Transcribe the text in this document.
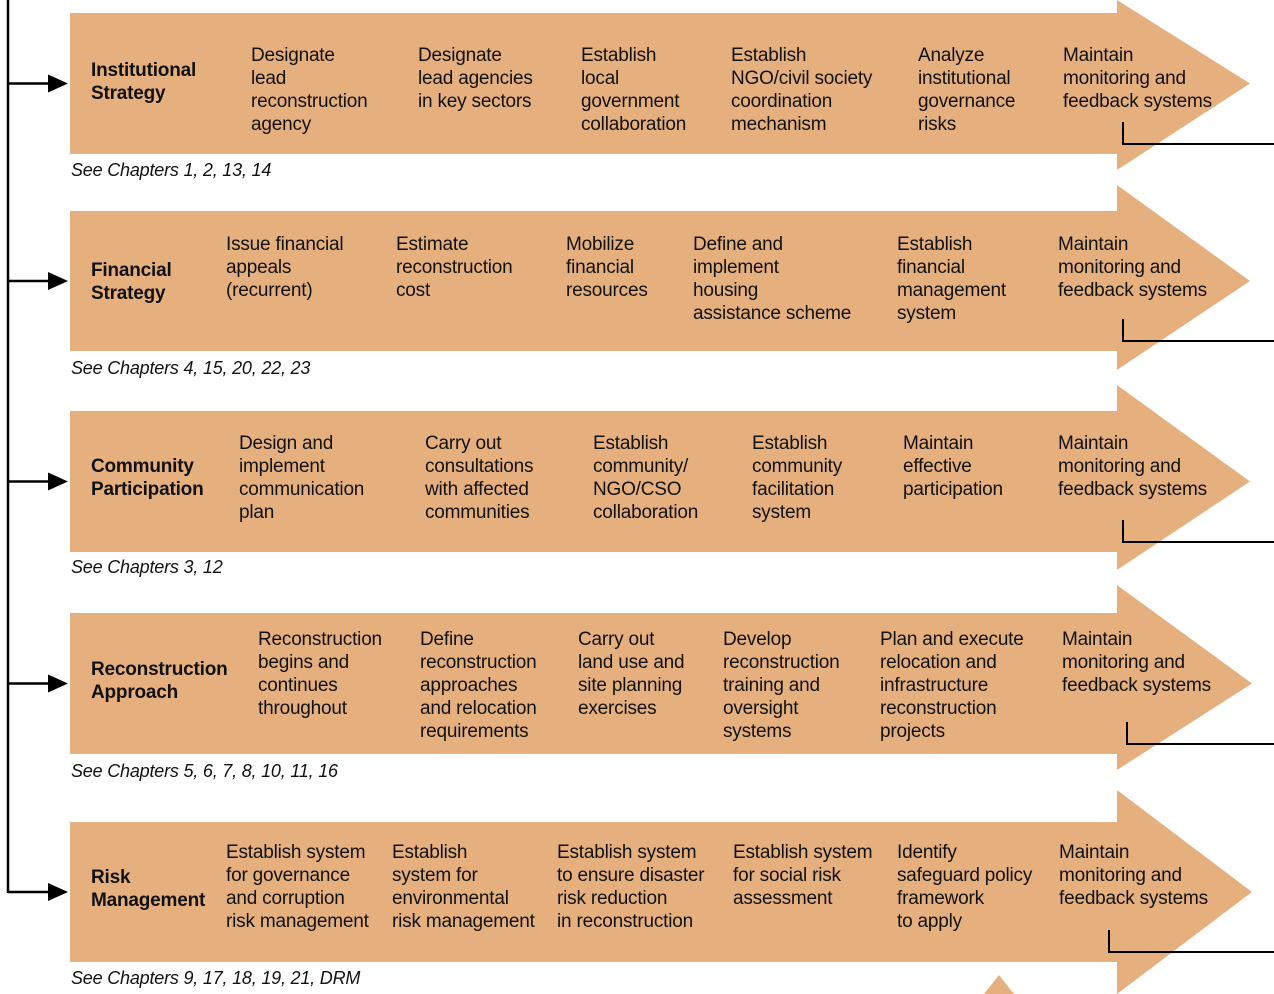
Institutional
Strategy
Designate
lead
reconstruction
agency
Designate
lead agencies
in key sectors
Establish
local
government
collaboration
Establish
NGO/civil society
coordination
mechanism
Analyze
institutional
governance
risks
Maintain
monitoring and
feedback systems
See Chapters 1, 2, 13, 14
Financial
Strategy
Issue financial
appeals
(recurrent)
Estimate
reconstruction
cost
Mobilize
financial
resources
Define and
implement
housing
assistance scheme
Establish
financial
management
system
Maintain
monitoring and
feedback systems
See Chapters 4, 15, 20, 22, 23
Community
Participation
Design and
implement
communication
plan
Carry out
consultations
with affected
communities
Establish
community/
NGO/CSO
collaboration
Establish
community
facilitation
system
Maintain
effective
participation
Maintain
monitoring and
feedback systems
See Chapters 3, 12
Reconstruction
Approach
Reconstruction
begins and
continues
throughout
Define
reconstruction
approaches
and relocation
requirements
Carry out
land use and
site planning
exercises
Develop
reconstruction
training and
oversight
systems
Plan and execute
relocation and
infrastructure
reconstruction
projects
Maintain
monitoring and
feedback systems
See Chapters 5, 6, 7, 8, 10, 11, 16
Risk
Management
Establish system
for governance
and corruption
risk management
Establish
system for
environmental
risk management
Establish system
to ensure disaster
risk reduction
in reconstruction
Establish system
for social risk
assessment
Identify
safeguard policy
framework
to apply
Maintain
monitoring and
feedback systems
See Chapters 9, 17, 18, 19, 21, DRM
